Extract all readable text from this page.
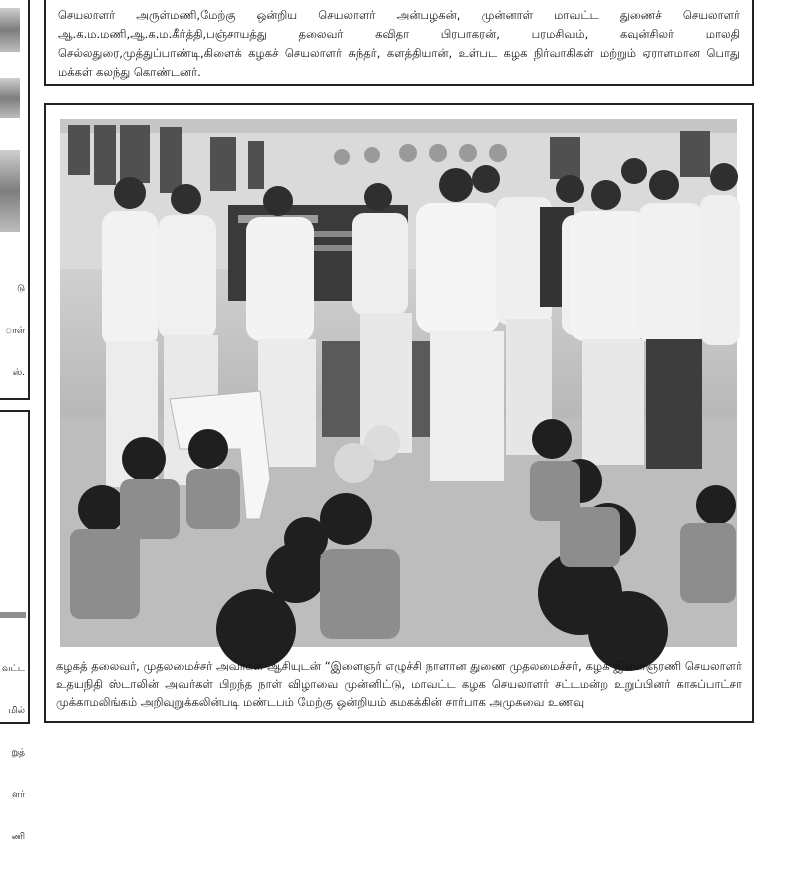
டு

ாள்

ஸ்.

வட்ட

மில்

றுத்

ளர்

ணி

செயலாளர் அருள்மணி,மேற்கு ஒன்றிய செயலாளர் அன்பழகன், முன்னாள் மாவட்ட துணைச் செயலாளர் ஆ.க.ம.மணி,ஆ.க.ம.கீர்த்தி,பஞ்சாயத்து தலைவர் கவிதா பிரபாகரன், பரமசிவம், கவுன்சிலர் மாலதி செல்லதுரை,முத்துப்பாண்டி,கிளைக் கழகச் செயலாளர் சுந்தர், களத்தியான், உள்பட கழக நிர்வாகிகள் மற்றும் ஏராளமான பொது மக்கள் கலந்து கொண்டனர்.
கழகத் தலைவர், முதலமைச்சர் அவர்கள் ஆசியுடன் “இளைஞர் எழுச்சி நாளான துணை முதலமைச்சர், கழக இளைஞரணி செயலாளர் உதயநிதி ஸ்டாலின் அவர்கள் பிறந்த நாள் விழாவை முன்னிட்டு, மாவட்ட கழக செயலாளர் சட்டமன்ற உறுப்பினர் காசுப்பாட்சா முக்காமலிங்கம் அறிவுறுக்கலின்படி மண்டபம் மேற்கு ஒன்றியம் கமகக்கின் சார்பாக அமுகவை உணவு
